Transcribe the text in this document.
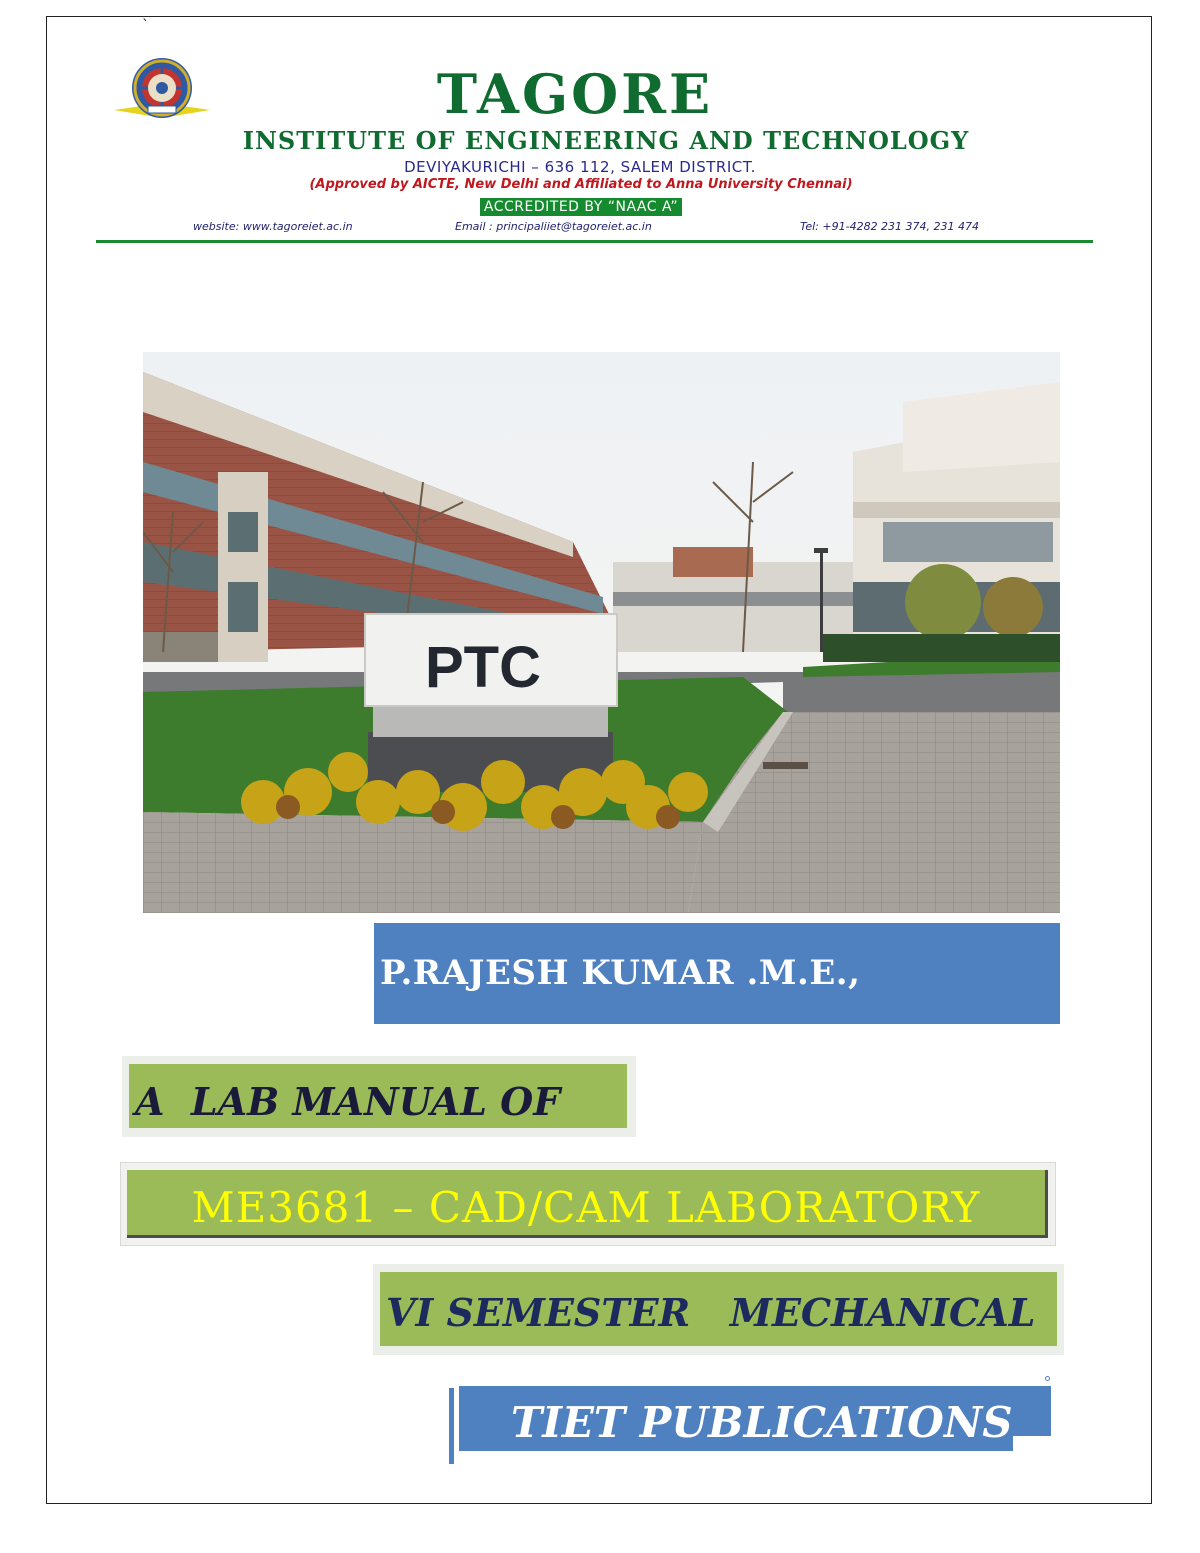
`
TAGORE
INSTITUTE OF ENGINEERING AND TECHNOLOGY
DEVIYAKURICHI – 636 112, SALEM DISTRICT.
(Approved by AICTE, New Delhi and Affiliated to Anna University Chennai)
ACCREDITED BY “NAAC A”
website: www.tagoreiet.ac.in	Email : principaliiet@tagoreiet.ac.in	Tel: +91-4282 231 374, 231 474
PTC
P.RAJESH KUMAR .M.E.,
A  LAB MANUAL OF
ME3681 – CAD/CAM LABORATORY
VI SEMESTER   MECHANICAL
TIET PUBLICATIONS
